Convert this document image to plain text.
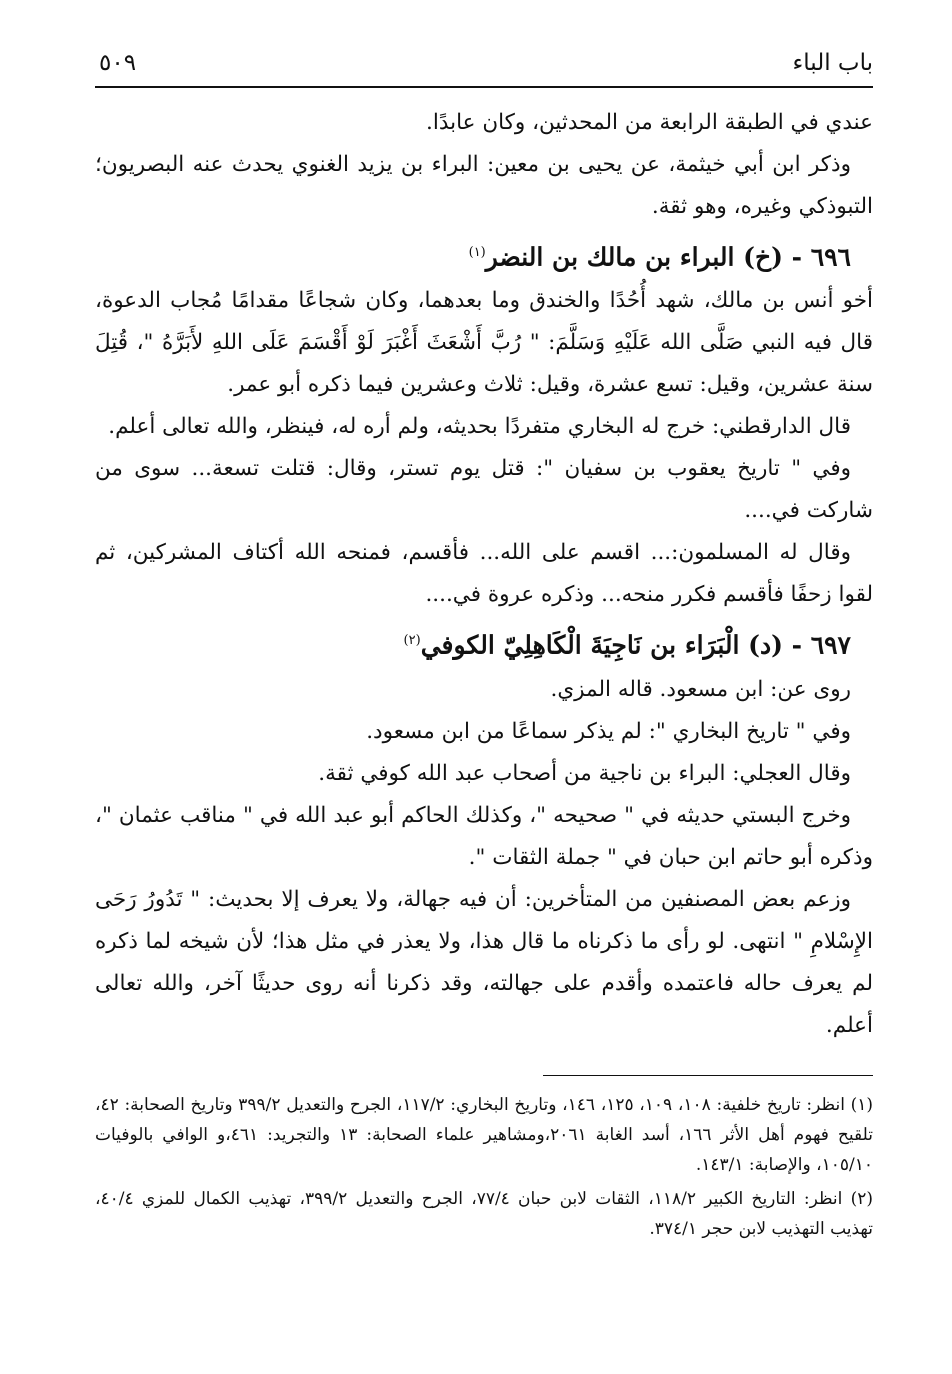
باب الباء
٥٠٩

عندي في الطبقة الرابعة من المحدثين، وكان عابدًا.

وذكر ابن أبي خيثمة، عن يحيى بن معين: البراء بن يزيد الغنوي يحدث عنه البصريون؛ التبوذكي وغيره، وهو ثقة.

٦٩٦ - (خ) البراء بن مالك بن النضر$^{(١)}$

أخو أنس بن مالك، شهد أُحُدًا والخندق وما بعدهما، وكان شجاعًا مقدامًا مُجاب الدعوة، قال فيه النبي صَلَّى الله عَلَيْهِ وَسَلَّمَ: " رُبَّ أَشْعَثَ أَغْبَرَ لَوْ أَقْسَمَ عَلَى اللهِ لأَبَرَّهُ "، قُتِلَ سنة عشرين، وقيل: تسع عشرة، وقيل: ثلاث وعشرين فيما ذكره أبو عمر.

قال الدارقطني: خرج له البخاري متفردًا بحديثه، ولم أره له، فينظر، والله تعالى أعلم.

وفي " تاريخ يعقوب بن سفيان ": قتل يوم تستر، وقال: قتلت تسعة... سوى من شاركت في....

وقال له المسلمون:... اقسم على الله... فأقسم، فمنحه الله أكتاف المشركين، ثم لقوا زحفًا فأقسم فكرر منحه... وذكره عروة في....

٦٩٧ - (د) الْبَرَاء بن نَاجِيَةَ الْكَاهِلِيّ الكوفي$^{(٢)}$

روى عن: ابن مسعود. قاله المزي.

وفي " تاريخ البخاري ": لم يذكر سماعًا من ابن مسعود.

وقال العجلي: البراء بن ناجية من أصحاب عبد الله كوفي ثقة.

وخرج البستي حديثه في " صحيحه "، وكذلك الحاكم أبو عبد الله في " مناقب عثمان "، وذكره أبو حاتم ابن حبان في " جملة الثقات ".

وزعم بعض المصنفين من المتأخرين: أن فيه جهالة، ولا يعرف إلا بحديث: " تَدُورُ رَحَى الإِسْلامِ " انتهى. لو رأى ما ذكرناه ما قال هذا، ولا يعذر في مثل هذا؛ لأن شيخه لما ذكره لم يعرف حاله فاعتمده وأقدم على جهالته، وقد ذكرنا أنه روى حديثًا آخر، والله تعالى أعلم.

(١) انظر: تاريخ خلفية: ١٠٨، ١٠٩، ١٢٥، ١٤٦، وتاريخ البخاري: ١١٧/٢، الجرح والتعديل ٣٩٩/٢ وتاريخ الصحابة: ٤٢، تلقيح فهوم أهل الأثر ١٦٦، أسد الغابة ٢٠٦١،ومشاهير علماء الصحابة: ١٣ والتجريد: ٤٦١،و الوافي بالوفيات ١٠٥/١٠، والإصابة: ١٤٣/١.

(٢) انظر: التاريخ الكبير ١١٨/٢، الثقات لابن حبان ٧٧/٤، الجرح والتعديل ٣٩٩/٢، تهذيب الكمال للمزي ٤٠/٤، تهذيب التهذيب لابن حجر ٣٧٤/١.
